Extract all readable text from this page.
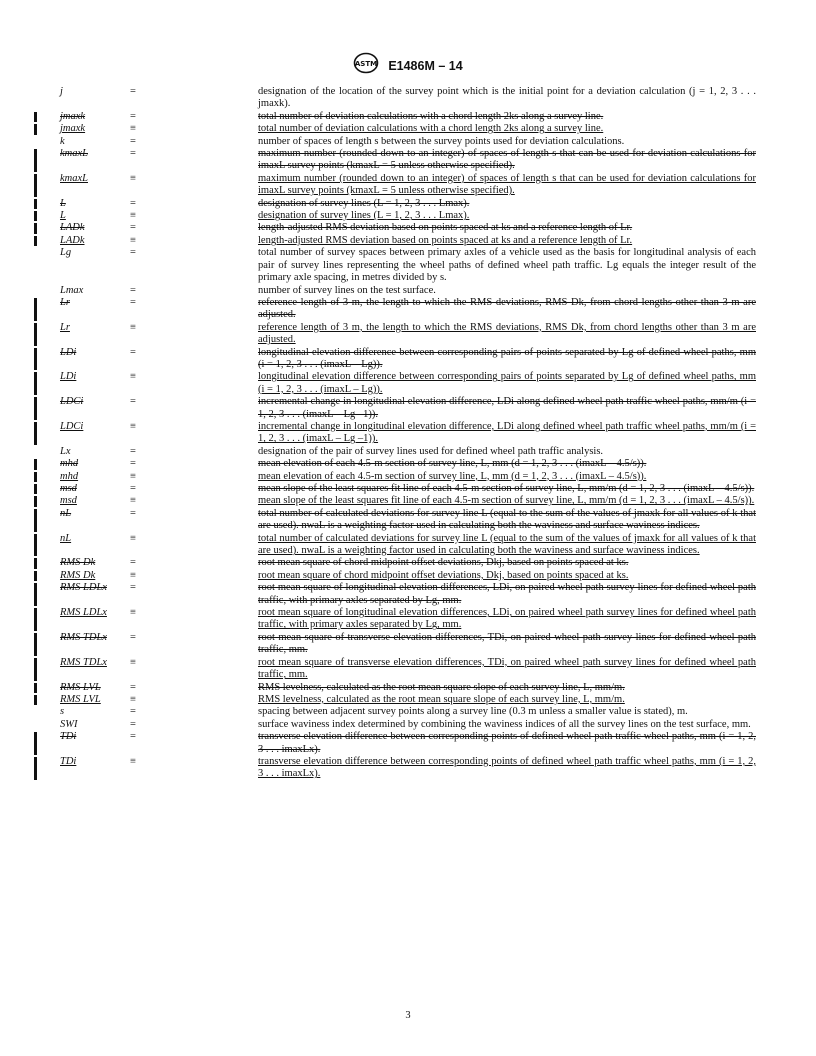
ASTM E1486M – 14
j	=	designation of the location of the survey point which is the initial point for a deviation calculation (j = 1, 2, 3 . . . jmaxk).
jmaxk	=	total number of deviation calculations with a chord length 2ks along a survey line.
jmaxk	≡	total number of deviation calculations with a chord length 2ks along a survey line.
k	=	number of spaces of length s between the survey points used for deviation calculations.
kmaxL	=	maximum number (rounded down to an integer) of spaces of length s that can be used for deviation calculations for imaxL survey points (kmaxL = 5 unless otherwise specified).
kmaxL	≡	maximum number (rounded down to an integer) of spaces of length s that can be used for deviation calculations for imaxL survey points (kmaxL = 5 unless otherwise specified).
L	=	designation of survey lines (L = 1, 2, 3 . . . Lmax).
L	≡	designation of survey lines (L = 1, 2, 3 . . . Lmax).
LADk	=	length-adjusted RMS deviation based on points spaced at ks and a reference length of Lr.
LADk	≡	length-adjusted RMS deviation based on points spaced at ks and a reference length of Lr.
Lg	=	total number of survey spaces between primary axles of a vehicle used as the basis for longitudinal analysis of each pair of survey lines representing the wheel paths of defined wheel path traffic. Lg equals the integer result of the primary axle spacing, in metres divided by s.
Lmax	=	number of survey lines on the test surface.
Lr	=	reference length of 3 m, the length to which the RMS deviations, RMS Dk, from chord lengths other than 3 m are adjusted.
Lr	≡	reference length of 3 m, the length to which the RMS deviations, RMS Dk, from chord lengths other than 3 m are adjusted.
LDi	=	longitudinal elevation difference between corresponding pairs of points separated by Lg of defined wheel paths, mm (i = 1, 2, 3 . . . (imaxL – Lg)).
LDi	≡	longitudinal elevation difference between corresponding pairs of points separated by Lg of defined wheel paths, mm (i = 1, 2, 3 . . . (imaxL – Lg)).
LDCi	=	incremental change in longitudinal elevation difference, LDi along defined wheel path traffic wheel paths, mm/m (i = 1, 2, 3 . . . (imaxL – Lg –1)).
LDCi	≡	incremental change in longitudinal elevation difference, LDi along defined wheel path traffic wheel paths, mm/m (i = 1, 2, 3 . . . (imaxL – Lg –1)).
Lx	=	designation of the pair of survey lines used for defined wheel path traffic analysis.
mhd	=	mean elevation of each 4.5-m section of survey line, L, mm (d = 1, 2, 3 . . . (imaxL – 4.5/s)).
mhd	≡	mean elevation of each 4.5-m section of survey line, L, mm (d = 1, 2, 3 . . . (imaxL – 4.5/s)).
msd	=	mean slope of the least squares fit line of each 4.5-m section of survey line, L, mm/m (d = 1, 2, 3 . . . (imaxL – 4.5/s)).
msd	≡	mean slope of the least squares fit line of each 4.5-m section of survey line, L, mm/m (d = 1, 2, 3 . . . (imaxL – 4.5/s)).
nL	=	total number of calculated deviations for survey line L (equal to the sum of the values of jmaxk for all values of k that are used). nwaL is a weighting factor used in calculating both the waviness and surface waviness indices.
nL	≡	total number of calculated deviations for survey line L (equal to the sum of the values of jmaxk for all values of k that are used). nwaL is a weighting factor used in calculating both the waviness and surface waviness indices.
RMS Dk	=	root mean square of chord midpoint offset deviations, Dkj, based on points spaced at ks.
RMS Dk	≡	root mean square of chord midpoint offset deviations, Dkj, based on points spaced at ks.
RMS LDLx =	root mean square of longitudinal elevation differences, LDi, on paired wheel path survey lines for defined wheel path traffic, with primary axles separated by Lg, mm.
RMS LDLx ≡	root mean square of longitudinal elevation differences, LDi, on paired wheel path survey lines for defined wheel path traffic, with primary axles separated by Lg, mm.
RMS TDLx =	root mean square of transverse elevation differences, TDi, on paired wheel path survey lines for defined wheel path traffic, mm.
RMS TDLx ≡	root mean square of transverse elevation differences, TDi, on paired wheel path survey lines for defined wheel path traffic, mm.
RMS LVL	=	RMS levelness, calculated as the root mean square slope of each survey line, L, mm/m.
RMS LVL	≡	RMS levelness, calculated as the root mean square slope of each survey line, L, mm/m.
s	=	spacing between adjacent survey points along a survey line (0.3 m unless a smaller value is stated), m.
SWI	=	surface waviness index determined by combining the waviness indices of all the survey lines on the test surface, mm.
TDi	=	transverse elevation difference between corresponding points of defined wheel path traffic wheel paths, mm (i = 1, 2, 3 . . . imaxLx).
TDi	≡	transverse elevation difference between corresponding points of defined wheel path traffic wheel paths, mm (i = 1, 2, 3 . . . imaxLx).
3
